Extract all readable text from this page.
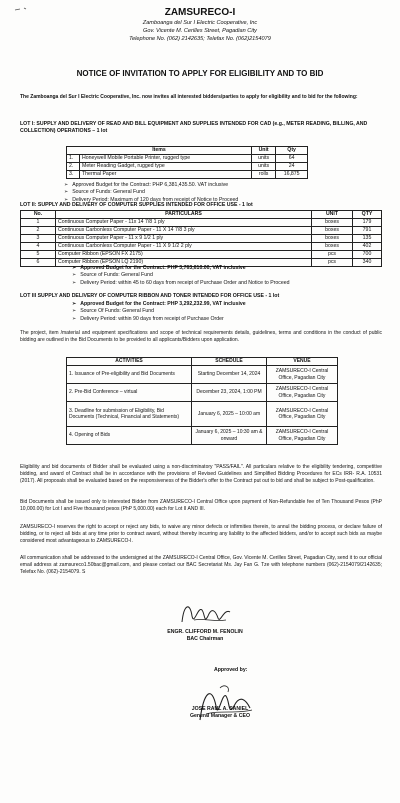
ZAMSURECO-I
Zamboanga del Sur I Electric Cooperative, Inc
Gov. Vicente M. Cerilles Street, Pagadian City
Telephone No. (062) 2142635; Telefax No. (062)2154079
NOTICE OF INVITATION TO APPLY FOR ELIGIBILITY AND TO BID
The Zamboanga del Sur I Electric Cooperative, Inc. now invites all interested bidders/parties to apply for eligibility and to bid for the following:
LOT I: SUPPLY AND DELIVERY OF READ AND BILL EQUIPMENT AND SUPPLIES INTENDED FOR CAD (e.g., METER READING, BILLING, AND COLLECTION) OPERATIONS – 1 lot
Items		Unit	Qty
1.	Honeywell Mobile Portable Printer, rugged type	units	64
2.	Meter Reading Gadget, rugged type	units	24
3.	Thermal Paper	rolls	16,875
➢ Approved Budget for the Contract: PHP 6,381,435.50. VAT inclusive
➢ Source of Funds: General Fund
➢ Delivery Period: Maximum of 120 days from receipt of Notice to Proceed
LOT II: SUPPLY AND DELIVERY OF COMPUTER SUPPLIES INTENDED FOR OFFICE USE - 1 lot
No.	PARTICULARS	UNIT	QTY
1	Continuous Computer Paper - 11x 14 7/8 1 ply	boxes	179
2	Continuous Carbonless Computer Paper - 11 X 14 7/8 3 ply	boxes	791
3	Continuous Computer Paper - 11 x 9 1/2 1 ply	boxes	135
4	Continuous Carbonless Computer Paper - 11 X 9 1/2 2 ply	boxes	402
5	Computer Ribbon (EPSON FX 2175)	pcs	700
6	Computer Ribbon (EPSON LQ 2190)	pcs	340
➢ Approved Budget for the Contract: PHP 3,763,610.00, VAT inclusive
➢ Source of Funds: General Fund
➢ Delivery Period: within 45 to 60 days from receipt of Purchase Order and Notice to Proceed
LOT III SUPPLY AND DELIVERY OF COMPUTER RIBBON AND TONER INTENDED FOR OFFICE USE - 1 lot
➢ Approved Budget for the Contract: PHP 3,292,232.99, VAT inclusive
➢ Source Of Funds: General Fund
➢ Delivery Period: within 90 days from receipt of Purchase Order
The project, item /material and equipment specifications and scope of technical requirements details, guidelines, terms and conditions in the conduct of public bidding are outlined in the Bid Documents to be provided to all applicants/Bidders upon application.
ACTIVITIES	SCHEDULE	VENUE
1. Issuance of Pre-eligibility and Bid Documents	Starting December 14, 2024	ZAMSURECO-I Central Office, Pagadian City
2. Pre-Bid Conference – virtual	December 23, 2024, 1:00 PM	ZAMSURECO-I Central Office, Pagadian City
3. Deadline for submission of Eligibility, Bid Documents (Technical, Financial and Statements)	January 6, 2025 – 10:00 am	ZAMSURECO-I Central Office, Pagadian City
4. Opening of Bids	January 6, 2025 – 10:30 am & onward	ZAMSURECO-I Central Office, Pagadian City
Eligibility and bid documents of Bidder shall be evaluated using a non-discriminatory "PASS/FAIL". All particulars relative to the eligibility tendering, competitive bidding, and award of Contract shall be in accordance with the provisions of Revised Guidelines and Simplified Bidding Procedures for ECs IRR- R.A. 10531 (2017). All proposals shall be evaluated based on the responsiveness of the Bidder's offer to the Contract put out to bid and shall be subject to Post-qualification.
Bid Documents shall be issued only to interested Bidder from ZAMSURECO-I Central Office upon payment of Non-Refundable fee of Ten Thousand Pesos (PhP 10,000.00) for Lot I and Five thousand pesos (PhP 5,000.00) each for Lot II AND III.
ZAMSURECO-I reserves the right to accept or reject any bids, to waive any minor defects or infirmities therein, to annul the bidding process, or declare failure of bidding, or to reject all bids at any time prior to contract award, without thereby incurring any liability to the affected bidders, and/or to accept such bids as maybe considered most advantageous to ZAMSURECO-I.
All communication shall be addressed to the undersigned at the ZAMSURECO-I Central Office, Gov. Vicente M. Cerilles Street, Pagadian City, send it to our official email address at zamsureco1.50bac@gmail.com, and please contact our BAC Secretariat Ms. Jay Fan G. Tze with telephone numbers (062)-2154079/2142635; Telefax No. (062)-2154079. S
ENGR. CLIFFORD M. FENOLIN
BAC Chairman
Approved by:
JOSE RAUL A. SANIEL
General Manager & CEO
